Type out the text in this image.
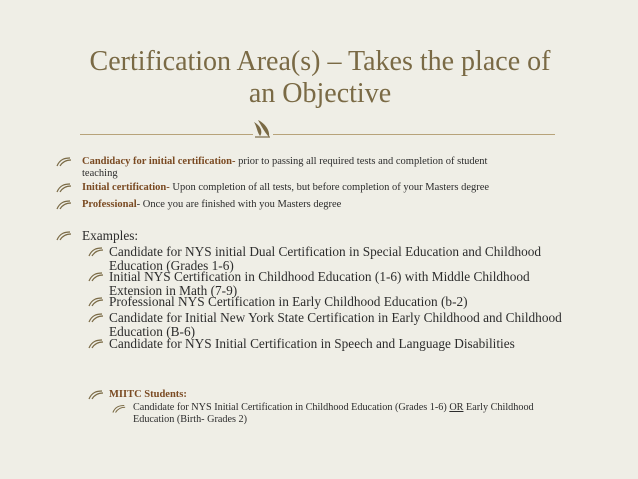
Certification Area(s) – Takes the place of
an Objective
Candidacy for initial certification- prior to passing all required tests and completion of student
teaching
Initial certification- Upon completion of all tests, but before completion of your Masters degree
Professional- Once you are finished with you Masters degree
Examples:
Candidate for NYS initial Dual Certification in Special Education and Childhood
Education (Grades 1-6)
Initial NYS Certification in Childhood Education (1-6) with Middle Childhood
Extension in Math (7-9)
Professional NYS Certification in Early Childhood Education (b-2)
Candidate for Initial New York State Certification in Early Childhood and Childhood
Education (B-6)
Candidate for NYS Initial Certification in Speech and Language Disabilities
MIITC Students:
Candidate for NYS Initial Certification in Childhood Education (Grades 1-6) OR Early Childhood
Education (Birth- Grades 2)
